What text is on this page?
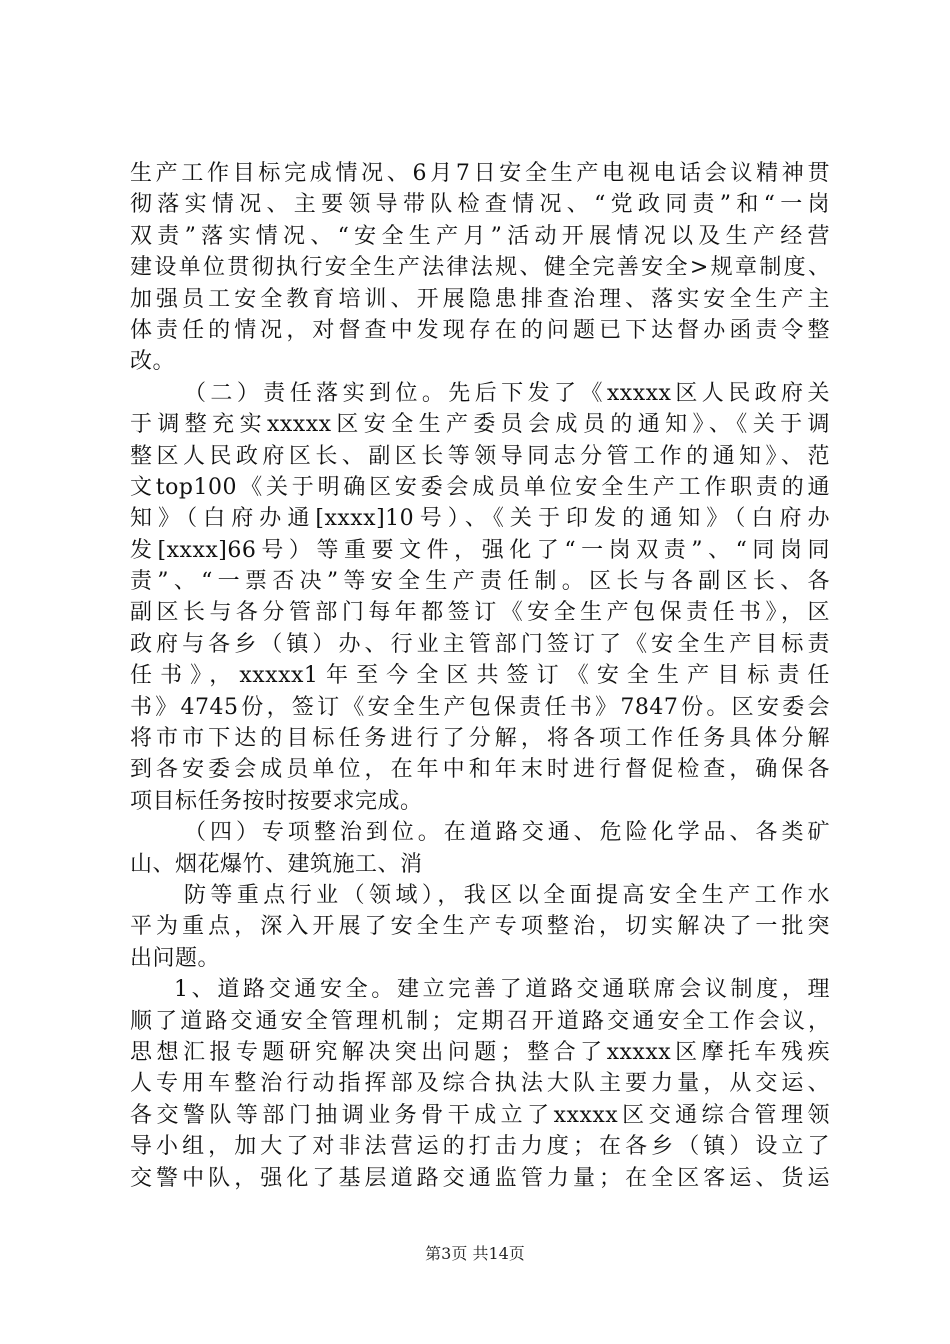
生产工作目标完成情况、6月7日安全生产电视电话会议精神贯
彻落实情况、主要领导带队检查情况、“党政同责”和“一岗
双责”落实情况、“安全生产月”活动开展情况以及生产经营
建设单位贯彻执行安全生产法律法规、健全完善安全>规章制度、
加强员工安全教育培训、开展隐患排查治理、落实安全生产主
体责任的情况，对督查中发现存在的问题已下达督办函责令整
改。
（二）责任落实到位。先后下发了《xxxxx区人民政府关
于调整充实xxxxx区安全生产委员会成员的通知》、《关于调
整区人民政府区长、副区长等领导同志分管工作的通知》、范
文top100《关于明确区安委会成员单位安全生产工作职责的通
知》（白府办通[xxxx]10号）、《关于印发的通知》（白府办
发[xxxx]66号）等重要文件，强化了“一岗双责”、“同岗同
责”、“一票否决”等安全生产责任制。区长与各副区长、各
副区长与各分管部门每年都签订《安全生产包保责任书》，区
政府与各乡（镇）办、行业主管部门签订了《安全生产目标责
任书》，xxxxx1年至今全区共签订《安全生产目标责任
书》4745份，签订《安全生产包保责任书》7847份。区安委会
将市市下达的目标任务进行了分解，将各项工作任务具体分解
到各安委会成员单位，在年中和年末时进行督促检查，确保各
项目标任务按时按要求完成。
（四）专项整治到位。在道路交通、危险化学品、各类矿
山、烟花爆竹、建筑施工、消
防等重点行业（领域），我区以全面提高安全生产工作水
平为重点，深入开展了安全生产专项整治，切实解决了一批突
出问题。
1、道路交通安全。建立完善了道路交通联席会议制度，理
顺了道路交通安全管理机制；定期召开道路交通安全工作会议，
思想汇报专题研究解决突出问题；整合了xxxxx区摩托车残疾
人专用车整治行动指挥部及综合执法大队主要力量，从交运、
各交警队等部门抽调业务骨干成立了xxxxx区交通综合管理领
导小组，加大了对非法营运的打击力度；在各乡（镇）设立了
交警中队，强化了基层道路交通监管力量；在全区客运、货运
第3页 共14页
